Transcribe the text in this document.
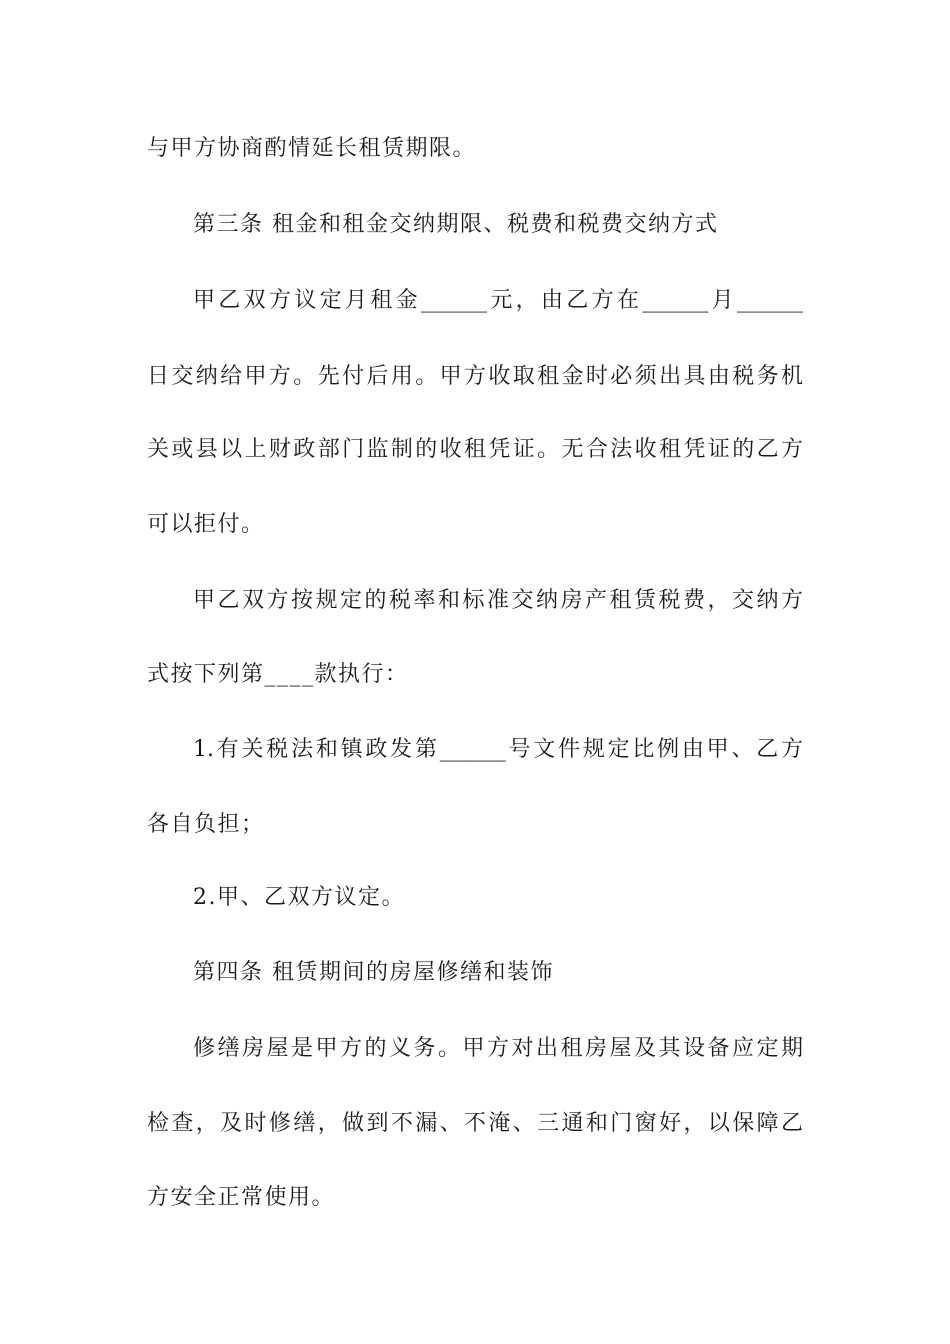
与甲方协商酌情延长租赁期限。
第三条 租金和租金交纳期限、税费和税费交纳方式
甲乙双方议定月租金______元，由乙方在______月______
日交纳给甲方。先付后用。甲方收取租金时必须出具由税务机
关或县以上财政部门监制的收租凭证。无合法收租凭证的乙方
可以拒付。
甲乙双方按规定的税率和标准交纳房产租赁税费，交纳方
式按下列第____款执行：
1.有关税法和镇政发第______号文件规定比例由甲、乙方
各自负担；
2.甲、乙双方议定。
第四条 租赁期间的房屋修缮和装饰
修缮房屋是甲方的义务。甲方对出租房屋及其设备应定期
检查，及时修缮，做到不漏、不淹、三通和门窗好，以保障乙
方安全正常使用。
